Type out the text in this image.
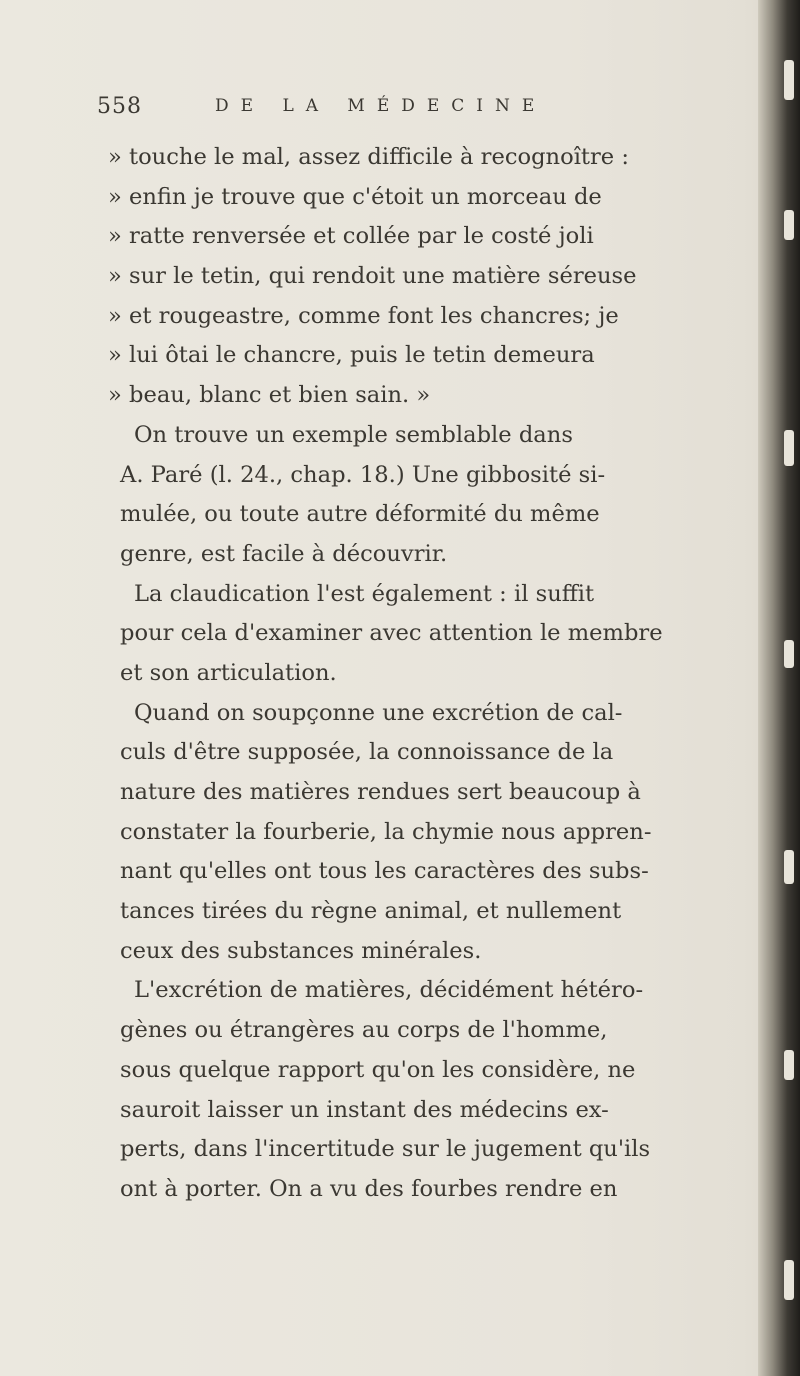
558	DE LA MÉDECINE
» touche le mal, assez difficile à recognoître :
» enfin je trouve que c'étoit un morceau de
» ratte renversée et collée par le costé joli
» sur le tetin, qui rendoit une matière séreuse
» et rougeastre, comme font les chancres; je
» lui ôtai le chancre, puis le tetin demeura
» beau, blanc et bien sain. »
On trouve un exemple semblable dans
A. Paré (l. 24., chap. 18.) Une gibbosité si-
mulée, ou toute autre déformité du même
genre, est facile à découvrir.
La claudication l'est également : il suffit
pour cela d'examiner avec attention le membre
et son articulation.
Quand on soupçonne une excrétion de cal-
culs d'être supposée, la connoissance de la
nature des matières rendues sert beaucoup à
constater la fourberie, la chymie nous appren-
nant qu'elles ont tous les caractères des subs-
tances tirées du règne animal, et nullement
ceux des substances minérales.
L'excrétion de matières, décidément hétéro-
gènes ou étrangères au corps de l'homme,
sous quelque rapport qu'on les considère, ne
sauroit laisser un instant des médecins ex-
perts, dans l'incertitude sur le jugement qu'ils
ont à porter. On a vu des fourbes rendre en
